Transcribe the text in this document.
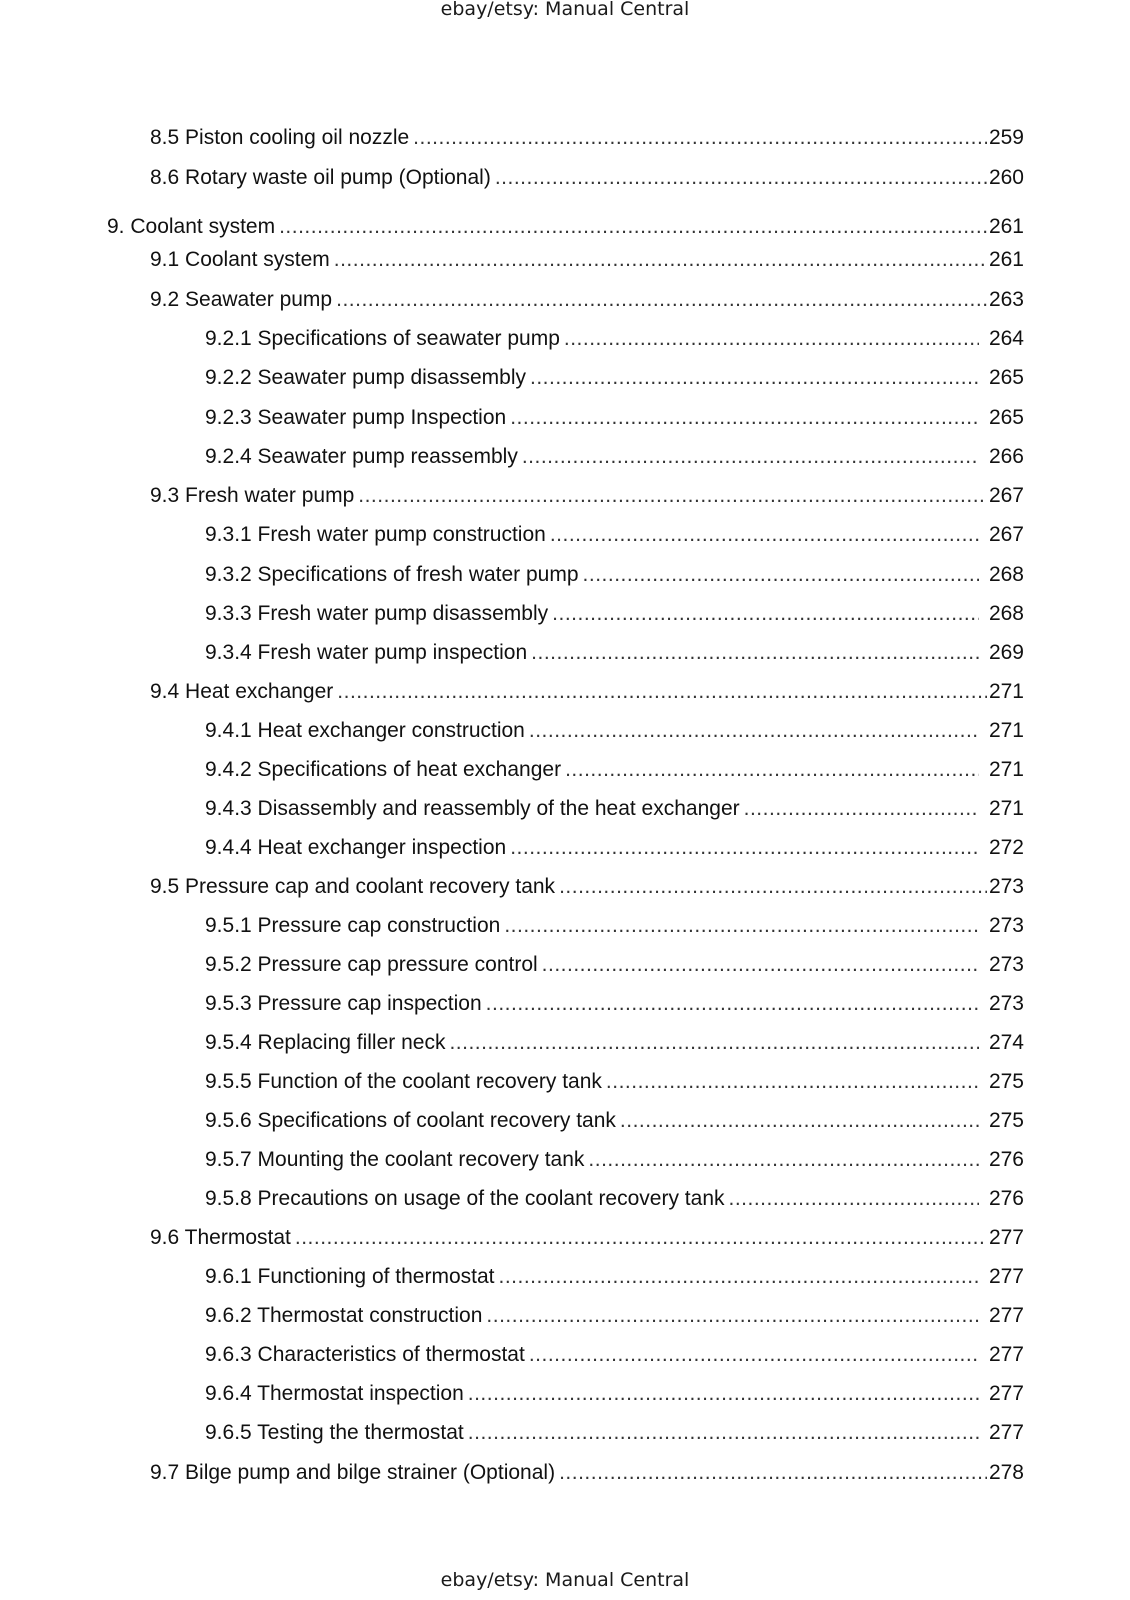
ebay/etsy: Manual Central
8.5 Piston cooling oil nozzle .....	259
8.6 Rotary waste oil pump (Optional) .....	260
9. Coolant system .....	261
9.1 Coolant system .....	261
9.2 Seawater pump .....	263
9.2.1 Specifications of seawater pump .....	264
9.2.2 Seawater pump disassembly .....	265
9.2.3 Seawater pump Inspection .....	265
9.2.4 Seawater pump reassembly .....	266
9.3 Fresh water pump .....	267
9.3.1 Fresh water pump construction .....	267
9.3.2 Specifications of fresh water pump .....	268
9.3.3 Fresh water pump disassembly .....	268
9.3.4 Fresh water pump inspection .....	269
9.4 Heat exchanger .....	271
9.4.1 Heat exchanger construction .....	271
9.4.2 Specifications of heat exchanger .....	271
9.4.3 Disassembly and reassembly of the heat exchanger .....	271
9.4.4 Heat exchanger inspection .....	272
9.5 Pressure cap and coolant recovery tank .....	273
9.5.1 Pressure cap construction .....	273
9.5.2 Pressure cap pressure control .....	273
9.5.3 Pressure cap inspection .....	273
9.5.4 Replacing filler neck .....	274
9.5.5 Function of the coolant recovery tank .....	275
9.5.6 Specifications of coolant recovery tank .....	275
9.5.7 Mounting the coolant recovery tank .....	276
9.5.8 Precautions on usage of the coolant recovery tank .....	276
9.6 Thermostat .....	277
9.6.1 Functioning of thermostat .....	277
9.6.2 Thermostat construction .....	277
9.6.3 Characteristics of thermostat .....	277
9.6.4 Thermostat inspection .....	277
9.6.5 Testing the thermostat .....	277
9.7 Bilge pump and bilge strainer (Optional) .....	278
ebay/etsy: Manual Central
